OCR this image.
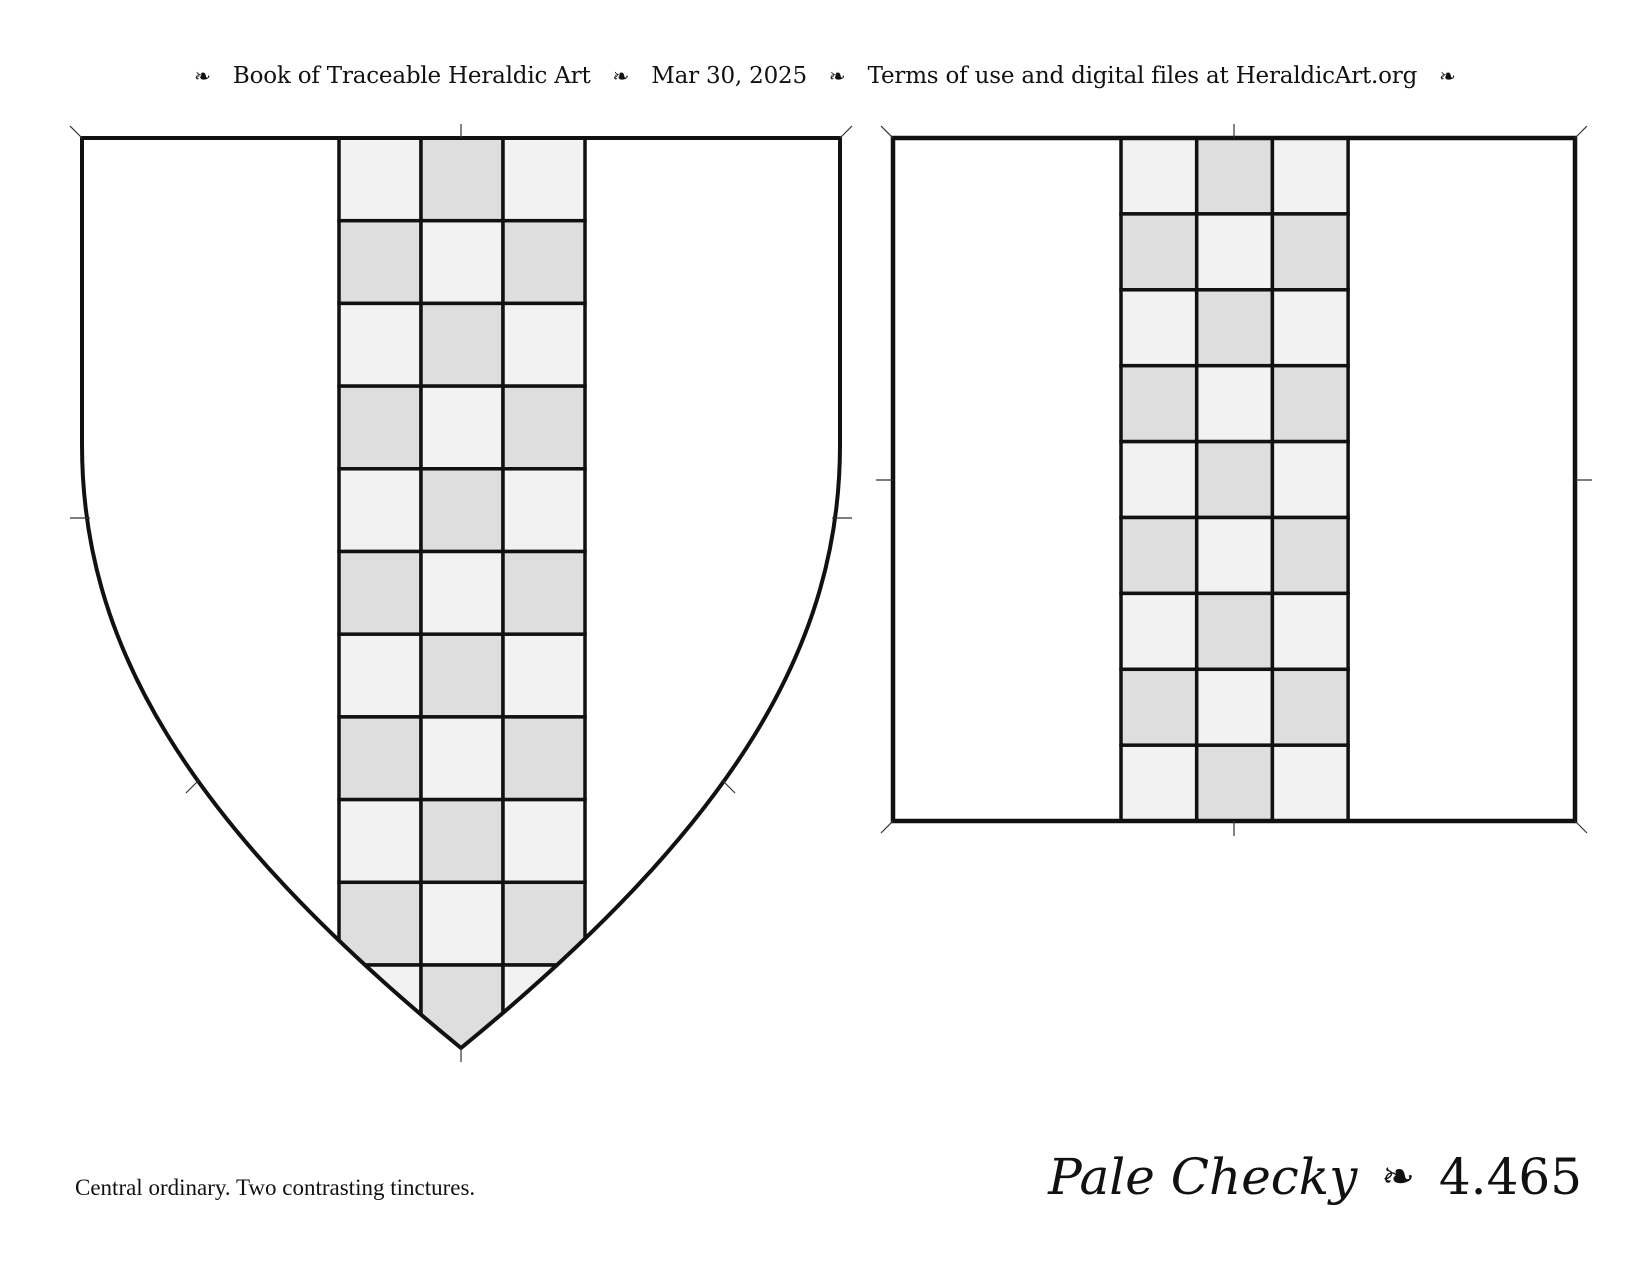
❧ Book of Traceable Heraldic Art ❧ Mar 30, 2025 ❧ Terms of use and digital files at HeraldicArt.org ❧
Central ordinary. Two contrasting tinctures.	Pale Checky ❧ 4.465
